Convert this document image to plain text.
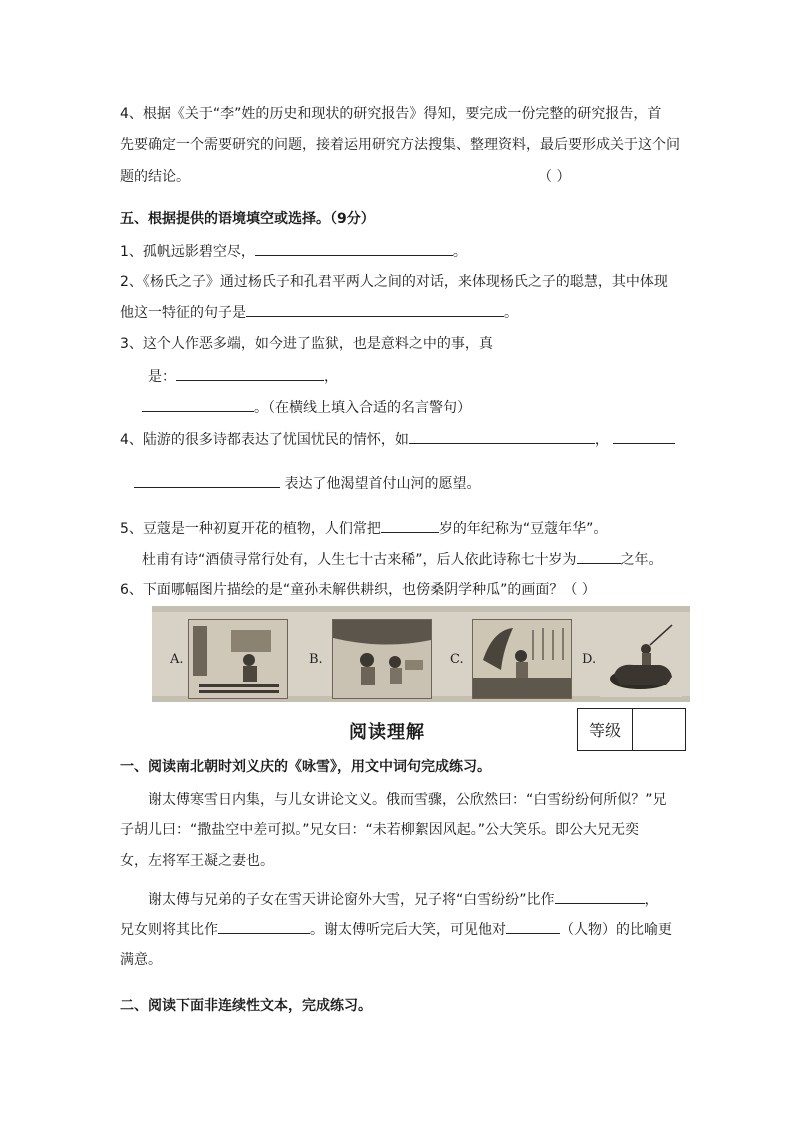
4、根据《关于“李”姓的历史和现状的研究报告》得知，要完成一份完整的研究报告，首
先要确定一个需要研究的问题，接着运用研究方法搜集、整理资料，最后要形成关于这个问
题的结论。	（ ）
五、根据提供的语境填空或选择。（9分）
1、孤帆远影碧空尽，	。
2、《杨氏之子》通过杨氏子和孔君平两人之间的对话，来体现杨氏之子的聪慧，其中体现
他这一特征的句子是	。
3、这个人作恶多端，如今进了监狱，也是意料之中的事，真
是：	，
。（在横线上填入合适的名言警句）
4、陆游的很多诗都表达了忧国忧民的情怀，如	，
表达了他渴望首付山河的愿望。
5、豆蔻是一种初夏开花的植物，人们常把	岁的年纪称为“豆蔻年华”。
杜甫有诗“酒债寻常行处有，人生七十古来稀”，后人依此诗称七十岁为	之年。
6、下面哪幅图片描绘的是“童孙未解供耕织，也傍桑阴学种瓜”的画面？（ ）
A.	B.	C.	D.
阅读理解	等级
一、阅读南北朝时刘义庆的《咏雪》，用文中词句完成练习。
谢太傅寒雪日内集，与儿女讲论文义。俄而雪骤，公欣然曰：“白雪纷纷何所似？”兄
子胡儿曰：“撒盐空中差可拟。”兄女曰：“未若柳絮因风起。”公大笑乐。即公大兄无奕
女，左将军王凝之妻也。
谢太傅与兄弟的子女在雪天讲论窗外大雪，兄子将“白雪纷纷”比作	，
兄女则将其比作	。谢太傅听完后大笑，可见他对	（人物）的比喻更
满意。
二、阅读下面非连续性文本，完成练习。
